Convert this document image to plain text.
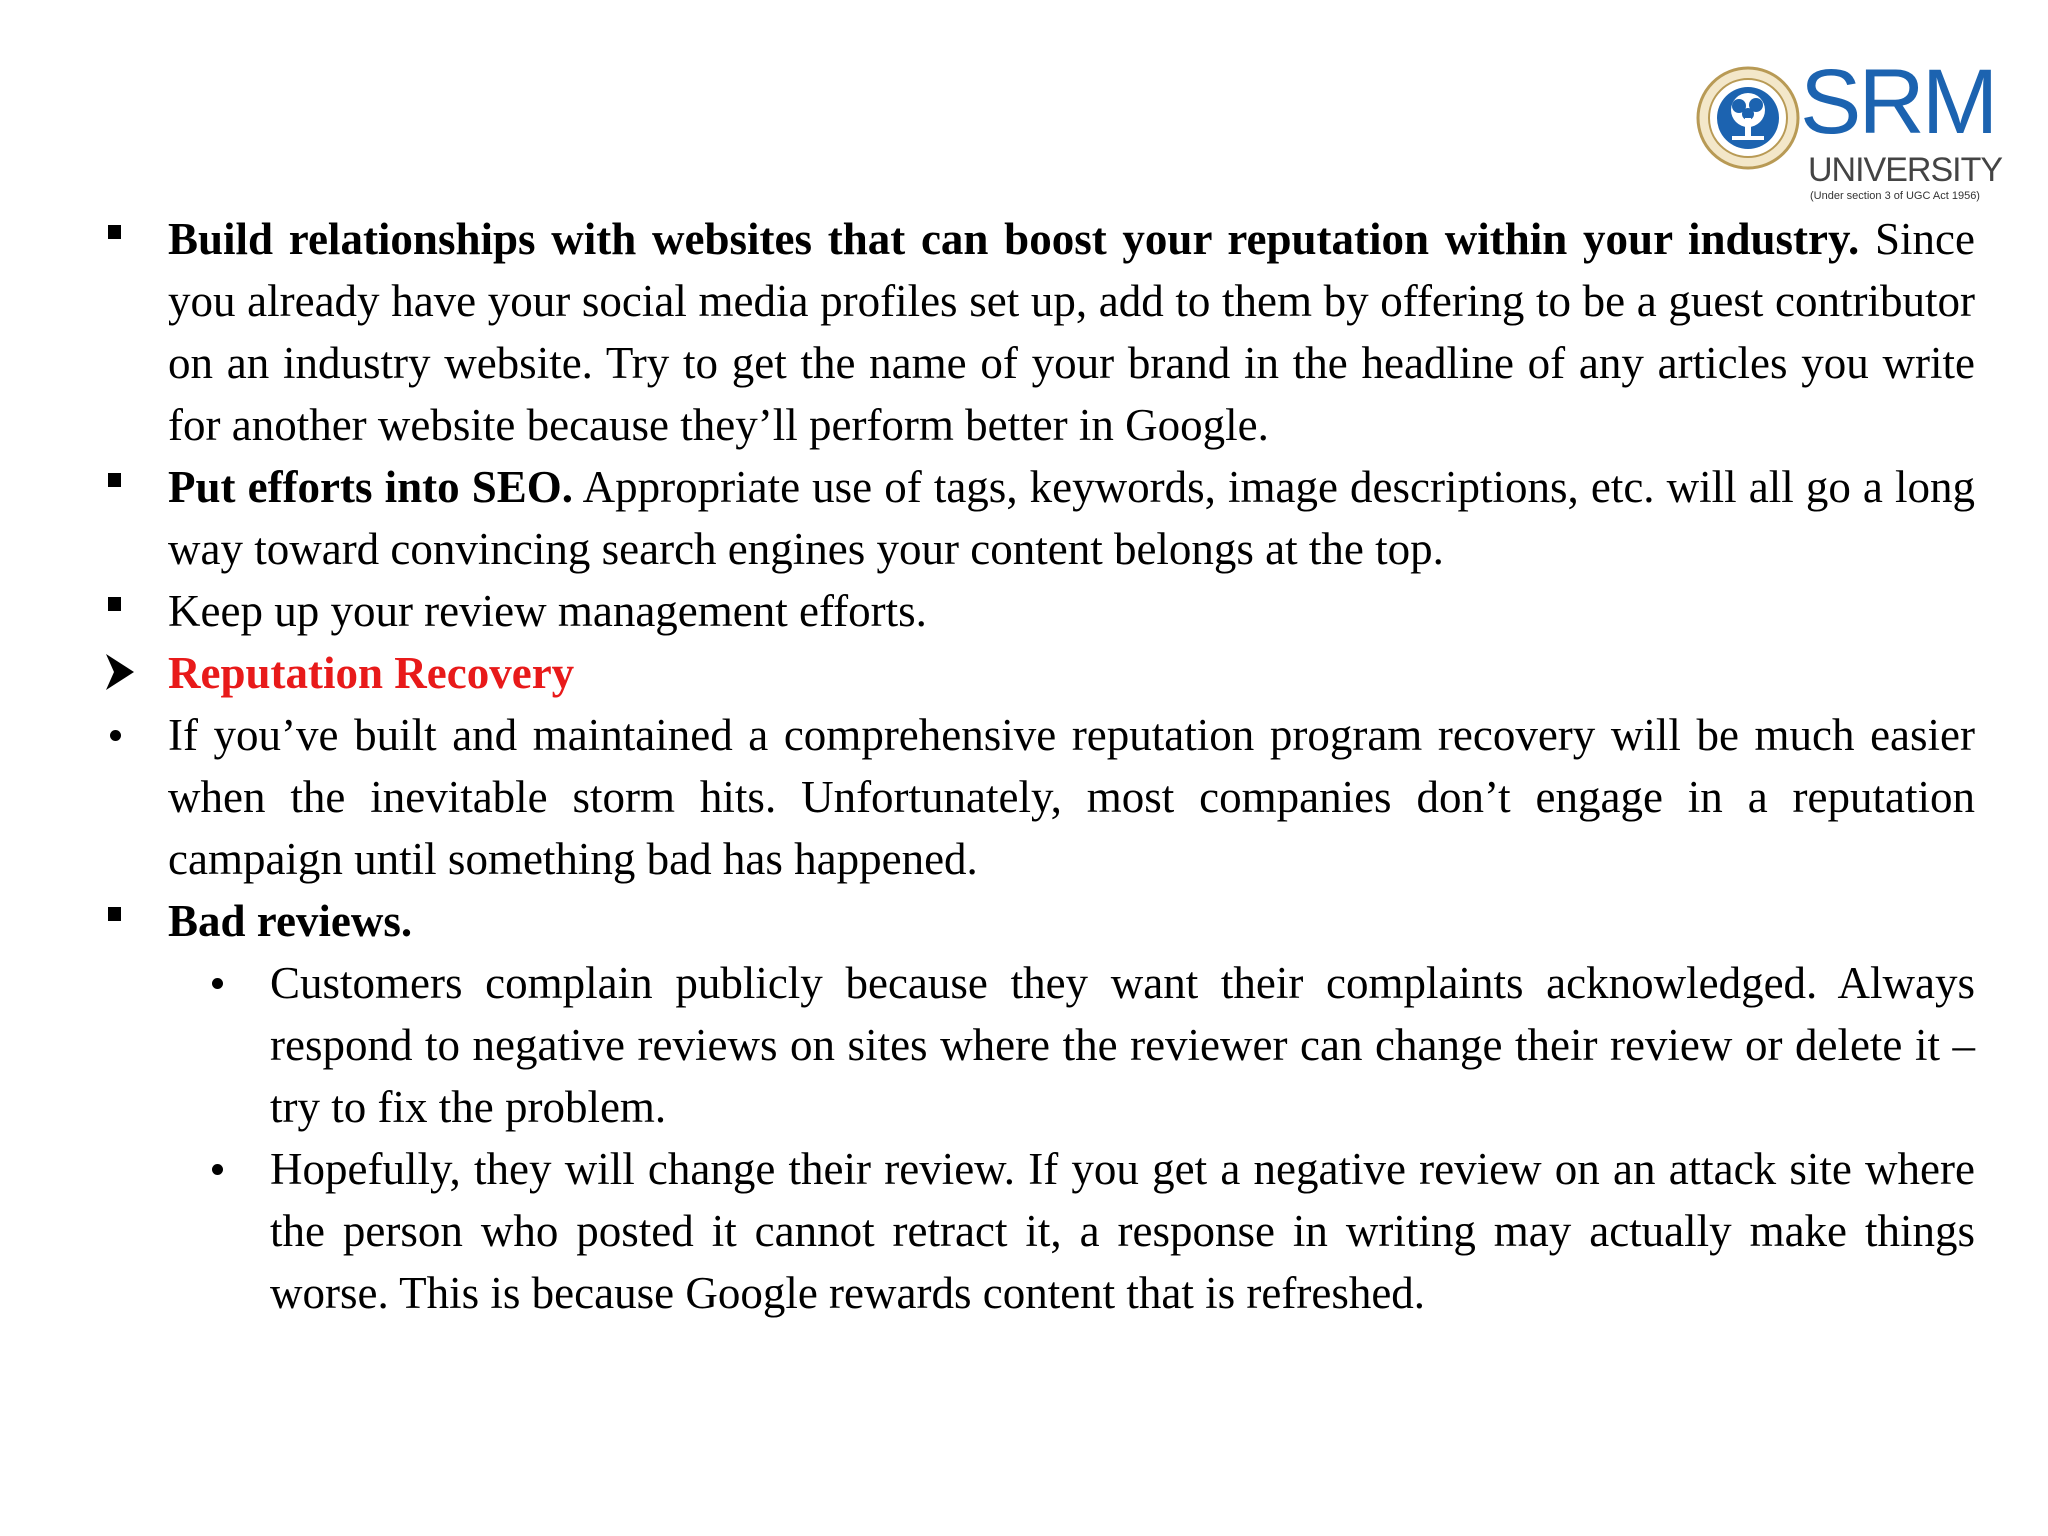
SRM
UNIVERSITY
(Under section 3 of UGC Act 1956)

Build relationships with websites that can boost your reputation within your industry. Since you already have your social media profiles set up, add to them by offering to be a guest contributor on an industry website. Try to get the name of your brand in the headline of any articles you write for another website because they’ll perform better in Google.

Put efforts into SEO. Appropriate use of tags, keywords, image descriptions, etc. will all go a long way toward convincing search engines your content belongs at the top.

Keep up your review management efforts.

Reputation Recovery

If you’ve built and maintained a comprehensive reputation program recovery will be much easier when the inevitable storm hits. Unfortunately, most companies don’t engage in a reputation campaign until something bad has happened.

Bad reviews.

Customers complain publicly because they want their complaints acknowledged. Always respond to negative reviews on sites where the reviewer can change their review or delete it – try to fix the problem.

Hopefully, they will change their review. If you get a negative review on an attack site where the person who posted it cannot retract it, a response in writing may actually make things worse. This is because Google rewards content that is refreshed.
